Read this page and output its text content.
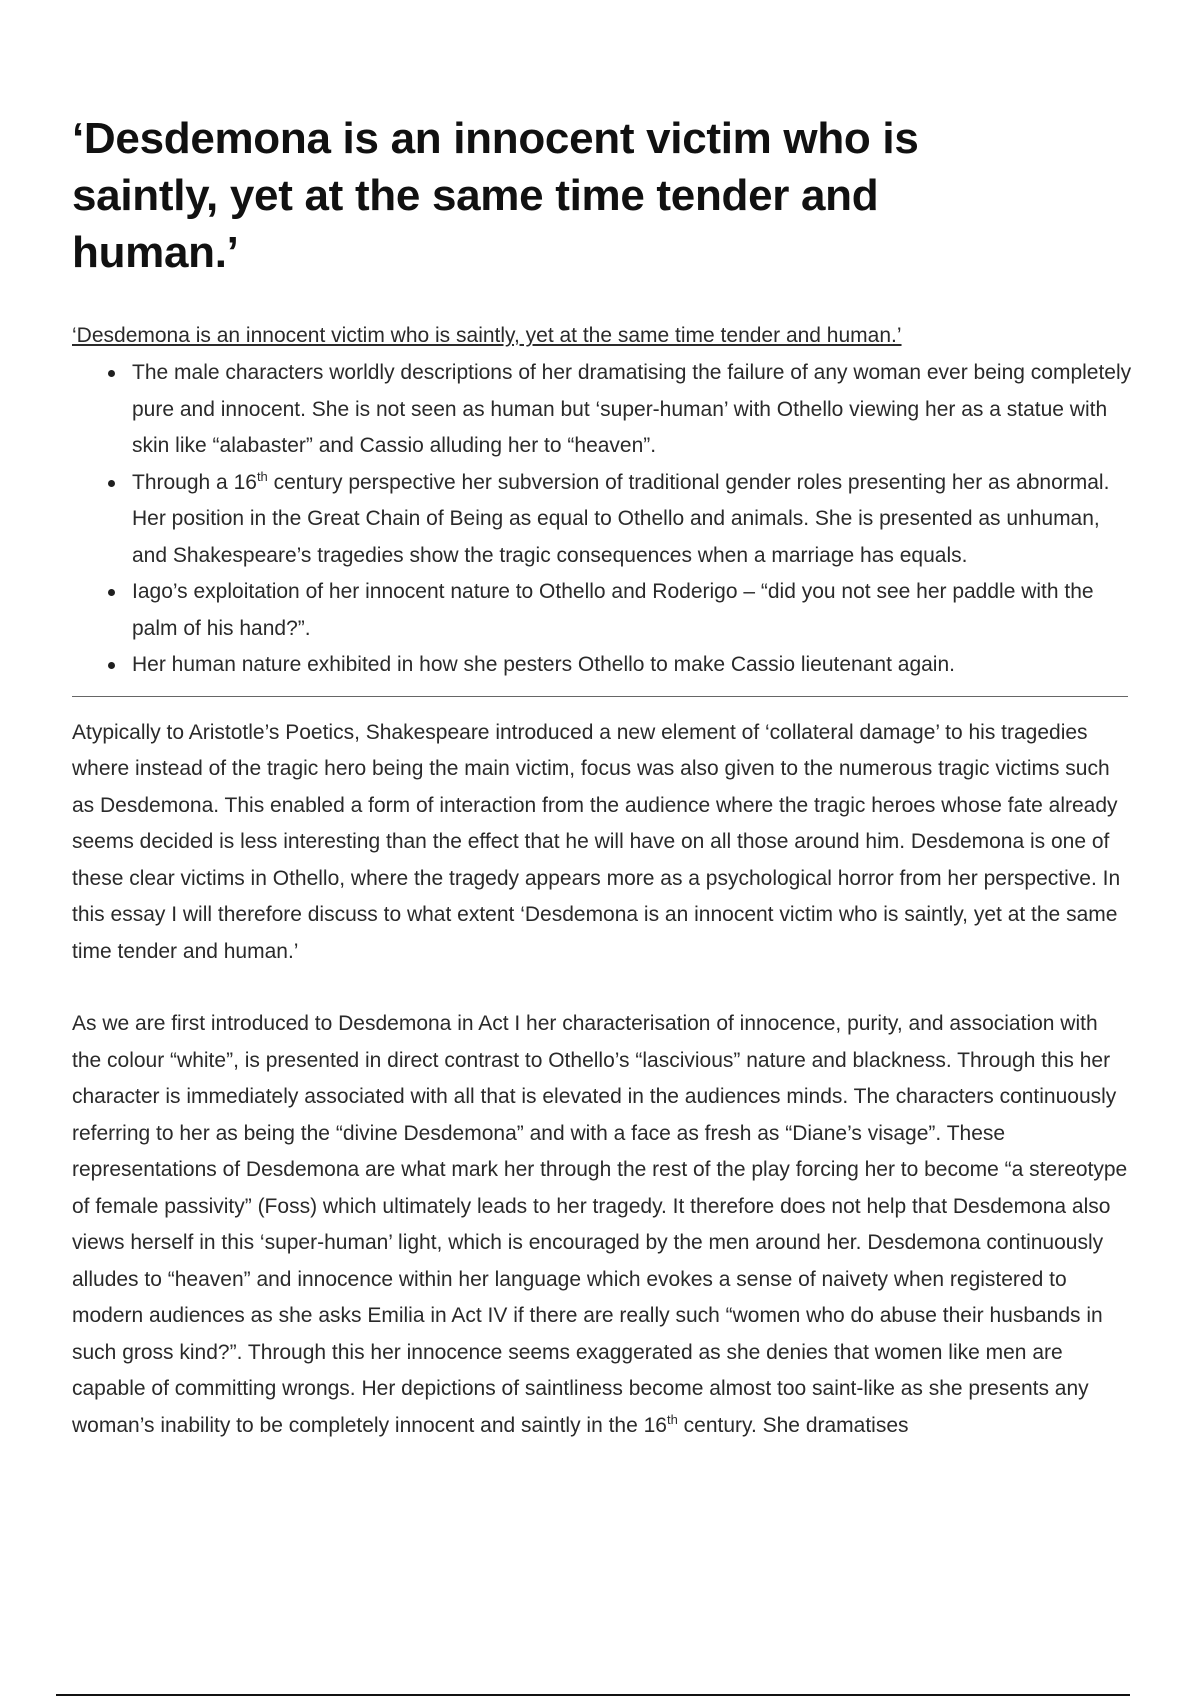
‘Desdemona is an innocent victim who is saintly, yet at the same time tender and human.’

‘Desdemona is an innocent victim who is saintly, yet at the same time tender and human.’

The male characters worldly descriptions of her dramatising the failure of any woman ever being completely pure and innocent. She is not seen as human but ‘super-human’ with Othello viewing her as a statue with skin like “alabaster” and Cassio alluding her to “heaven”.
Through a 16th century perspective her subversion of traditional gender roles presenting her as abnormal. Her position in the Great Chain of Being as equal to Othello and animals. She is presented as unhuman, and Shakespeare’s tragedies show the tragic consequences when a marriage has equals.
Iago’s exploitation of her innocent nature to Othello and Roderigo – “did you not see her paddle with the palm of his hand?”.
Her human nature exhibited in how she pesters Othello to make Cassio lieutenant again.

Atypically to Aristotle’s Poetics, Shakespeare introduced a new element of ‘collateral damage’ to his tragedies where instead of the tragic hero being the main victim, focus was also given to the numerous tragic victims such as Desdemona. This enabled a form of interaction from the audience where the tragic heroes whose fate already seems decided is less interesting than the effect that he will have on all those around him. Desdemona is one of these clear victims in Othello, where the tragedy appears more as a psychological horror from her perspective. In this essay I will therefore discuss to what extent ‘Desdemona is an innocent victim who is saintly, yet at the same time tender and human.’

As we are first introduced to Desdemona in Act I her characterisation of innocence, purity, and association with the colour “white”, is presented in direct contrast to Othello’s “lascivious” nature and blackness. Through this her character is immediately associated with all that is elevated in the audiences minds. The characters continuously referring to her as being the “divine Desdemona” and with a face as fresh as “Diane’s visage”. These representations of Desdemona are what mark her through the rest of the play forcing her to become “a stereotype of female passivity” (Foss) which ultimately leads to her tragedy. It therefore does not help that Desdemona also views herself in this ‘super-human’ light, which is encouraged by the men around her. Desdemona continuously alludes to “heaven” and innocence within her language which evokes a sense of naivety when registered to modern audiences as she asks Emilia in Act IV if there are really such “women who do abuse their husbands in such gross kind?”. Through this her innocence seems exaggerated as she denies that women like men are capable of committing wrongs. Her depictions of saintliness become almost too saint-like as she presents any woman’s inability to be completely innocent and saintly in the 16th century. She dramatises
